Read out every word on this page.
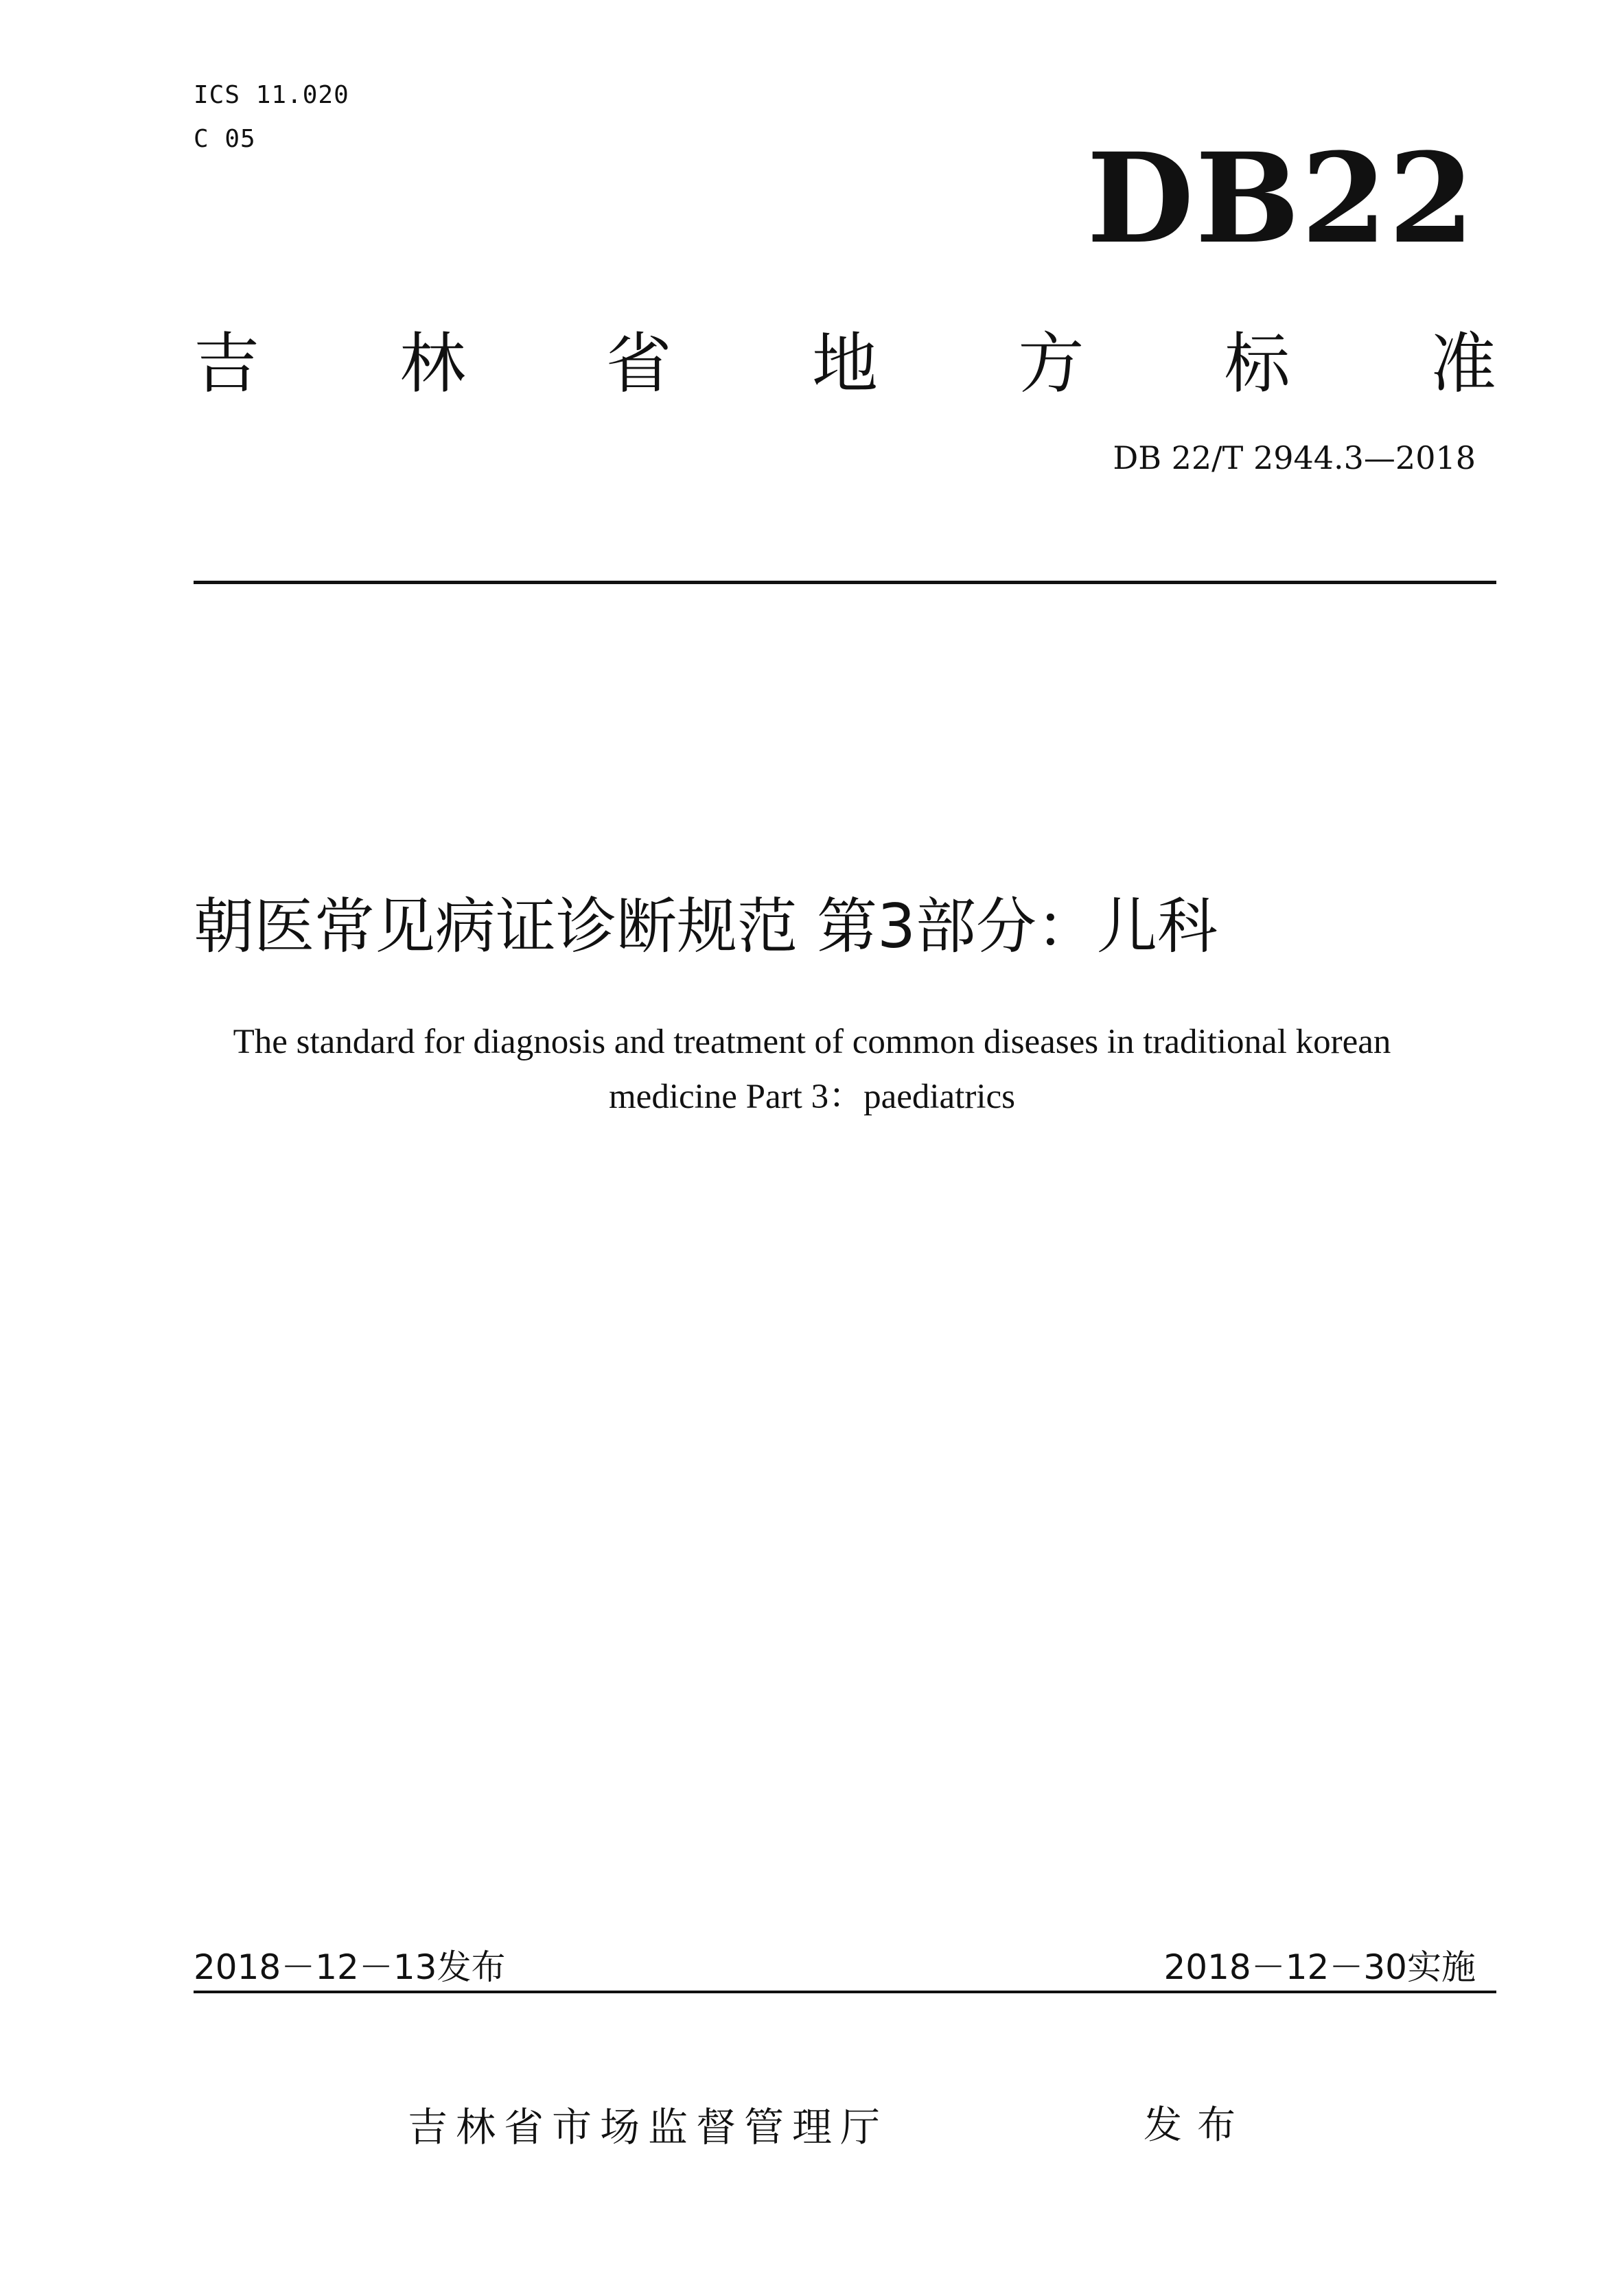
ICS 11.020
C 05	DB22
吉 林 省 地 方 标 准
DB 22/T 2944.3—2018
朝医常见病证诊断规范 第3部分：儿科
The standard for diagnosis and treatment of common diseases in traditional korean
medicine Part 3：paediatrics
2018－12－13发布	2018－12－30实施
吉林省市场监督管理厅	发布
